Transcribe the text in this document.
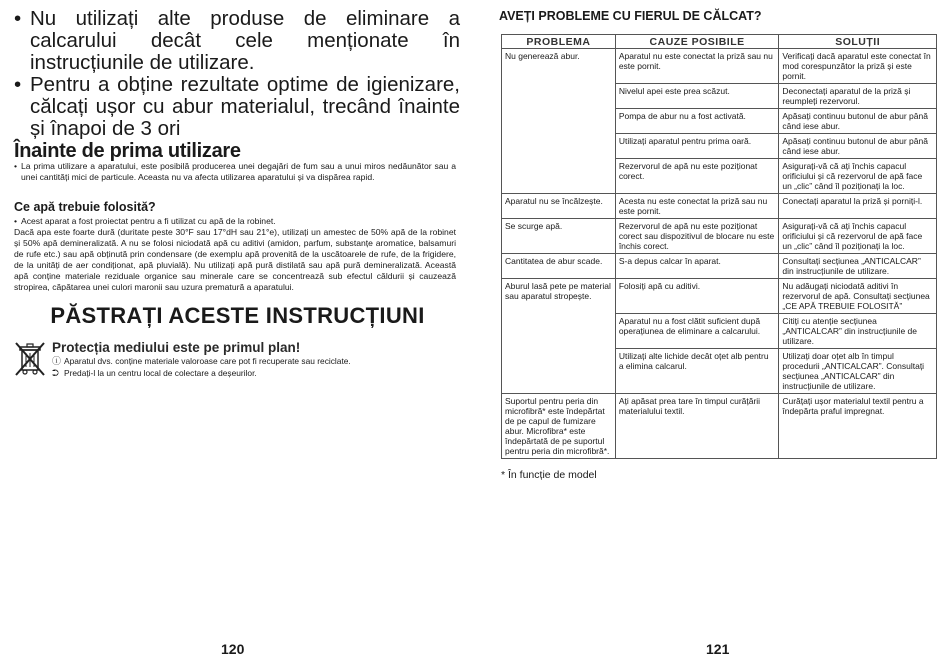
• Nu utilizați alte produse de eliminare a calcarului decât cele menționate în instrucțiunile de utilizare.
• Pentru a obține rezultate optime de igienizare, călcați ușor cu abur materialul, trecând înainte și înapoi de 3 ori
Înainte de prima utilizare
• La prima utilizare a aparatului, este posibilă producerea unei degajări de fum sau a unui miros nedăunător sau a unei cantități mici de particule. Aceasta nu va afecta utilizarea aparatului și va dispărea rapid.
Ce apă trebuie folosită?
• Acest aparat a fost proiectat pentru a fi utilizat cu apă de la robinet.
Dacă apa este foarte dură (duritate peste 30°F sau 17°dH sau 21°e), utilizați un amestec de 50% apă de la robinet și 50% apă demineralizată. A nu se folosi niciodată apă cu aditivi (amidon, parfum, substanțe aromatice, balsamuri de rufe etc.) sau apă obținută prin condensare (de exemplu apă provenită de la uscătoarele de rufe, de la frigidere, de la unități de aer condiționat, apă pluvială). Nu utilizați apă pură distilată sau apă pură demineralizată. Această apă conține materiale reziduale organice sau minerale care se concentrează sub efectul căldurii și cauzează stropirea, căpătarea unei culori maronii sau uzura prematură a aparatului.
PĂSTRAȚI ACESTE INSTRUCȚIUNI
Protecția mediului este pe primul plan!
ⓘ Aparatul dvs. conține materiale valoroase care pot fi recuperate sau reciclate.
⮊ Predați-l la un centru local de colectare a deșeurilor.
120
AVEȚI PROBLEME CU FIERUL DE CĂLCAT?
PROBLEMA	CAUZE POSIBILE	SOLUȚII
Nu generează abur.	Aparatul nu este conectat la priză sau nu este pornit.	Verificați dacă aparatul este conectat în mod corespunzător la priză și este pornit.
	Nivelul apei este prea scăzut.	Deconectați aparatul de la priză și reumpleți rezervorul.
	Pompa de abur nu a fost activată.	Apăsați continuu butonul de abur până când iese abur.
	Utilizați aparatul pentru prima oară.	Apăsați continuu butonul de abur până când iese abur.
	Rezervorul de apă nu este poziționat corect.	Asigurați-vă că ați închis capacul orificiului și că rezervorul de apă face un „clic” când îl poziționați la loc.
Aparatul nu se încălzește.	Acesta nu este conectat la priză sau nu este pornit.	Conectați aparatul la priză și porniți-l.
Se scurge apă.	Rezervorul de apă nu este poziționat corect sau dispozitivul de blocare nu este închis corect.	Asigurați-vă că ați închis capacul orificiului și că rezervorul de apă face un „clic” când îl poziționați la loc.
Cantitatea de abur scade.	S-a depus calcar în aparat.	Consultați secțiunea „ANTICALCAR” din instrucțiunile de utilizare.
Aburul lasă pete pe material sau aparatul stropește.	Folosiți apă cu aditivi.	Nu adăugați niciodată aditivi în rezervorul de apă. Consultați secțiunea „CE APĂ TREBUIE FOLOSITĂ”
	Aparatul nu a fost clătit suficient după operațiunea de eliminare a calcarului.	Citiți cu atenție secțiunea „ANTICALCAR” din instrucțiunile de utilizare.
	Utilizați alte lichide decât oțet alb pentru a elimina calcarul.	Utilizați doar oțet alb în timpul procedurii „ANTICALCAR”. Consultați secțiunea „ANTICALCAR” din instrucțiunile de utilizare.
Suportul pentru peria din microfibră* este îndepărtat de pe capul de fumizare abur. Microfibra* este îndepărtată de pe suportul pentru peria din microfibră*.	Ați apăsat prea tare în timpul curățării materialului textil.	Curățați ușor materialul textil pentru a îndepărta praful impregnat.
* În funcție de model
121
